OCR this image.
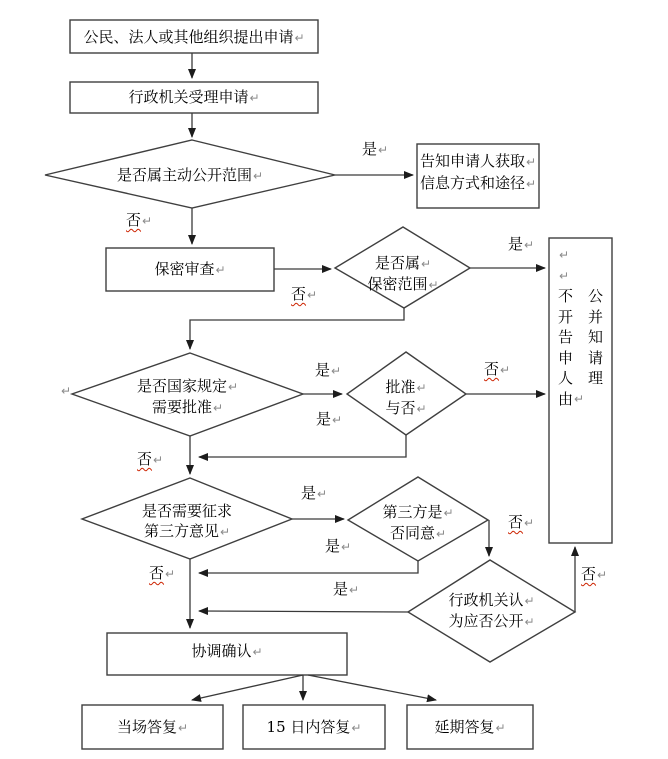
公民、法人或其他组织提出申请↵
行政机关受理申请↵
是否属主动公开范围↵
告知申请人获取↵
信息方式和途径↵
保密审查↵	是否属↵
保密范围↵
↵
↵
不 公
开 并
告 知
申 请
人 理
由 ↵
是否国家规定↵
需要批准↵
批准↵
与否↵
是否需要征求
第三方意见↵
第三方是↵
否同意↵
行政机关认↵
为应否公开↵
协调确认↵
当场答复↵	15 日内答复↵	延期答复↵
是↵
否↵
是↵
否↵
是↵	否↵
是↵
否↵
是↵
否↵
是↵
否↵
是↵
否↵
↵
